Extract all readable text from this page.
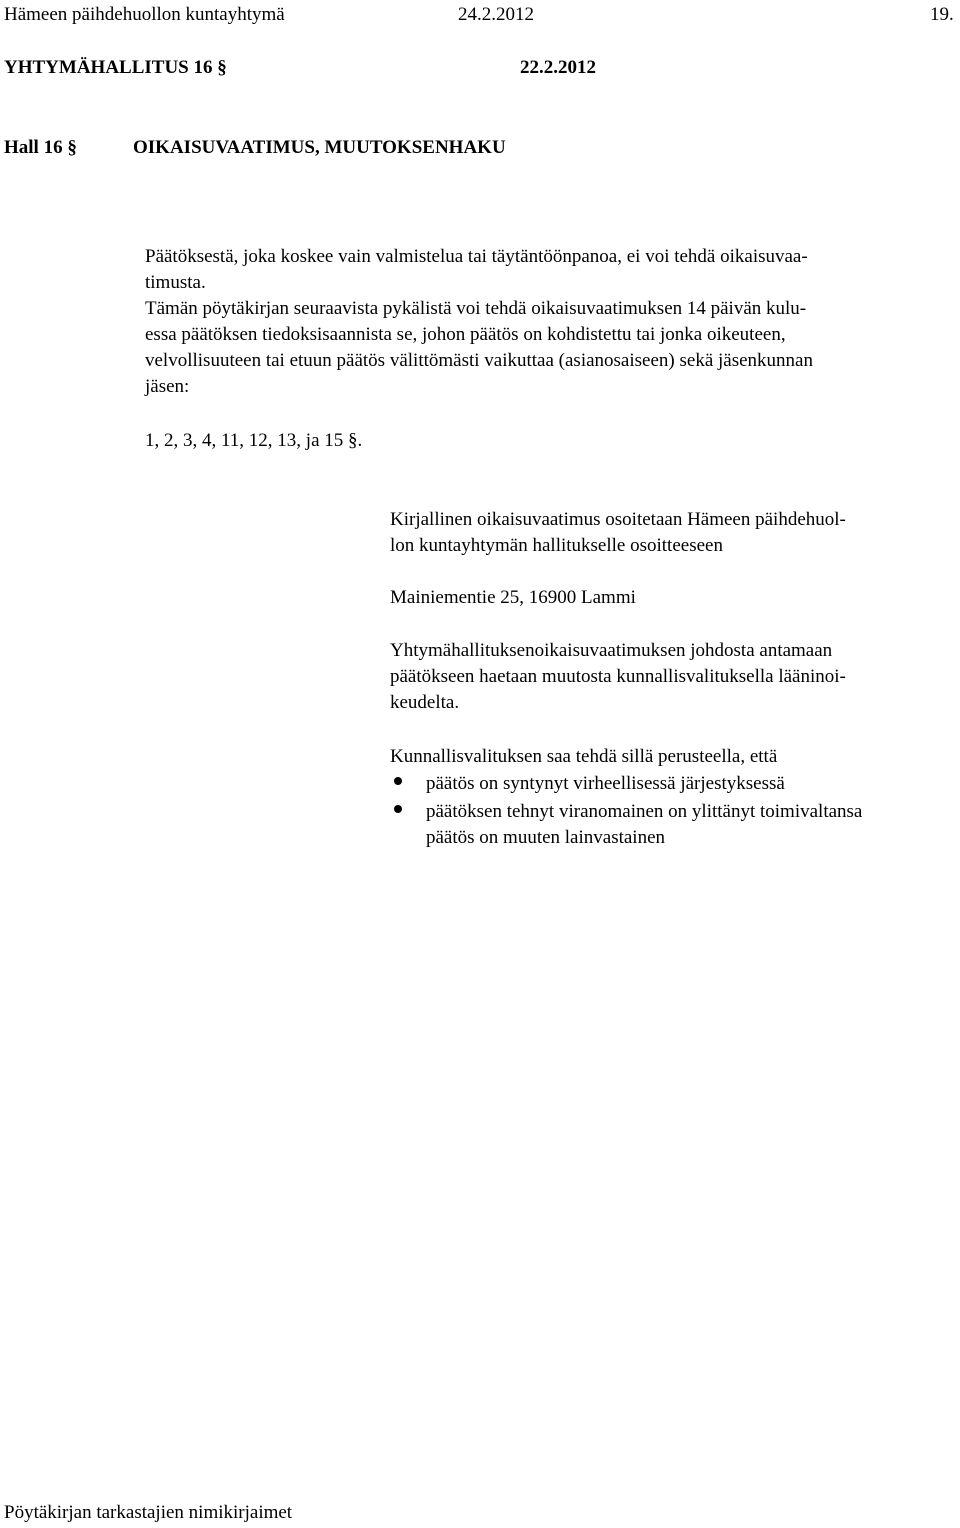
Hämeen päihdehuollon kuntayhtymä	24.2.2012	19.
YHTYMÄHALLITUS 16 §	22.2.2012
Hall 16 §	OIKAISUVAATIMUS, MUUTOKSENHAKU
Päätöksestä, joka koskee vain valmistelua tai täytäntöönpanoa, ei voi tehdä oikaisuvaa-
timusta.
Tämän pöytäkirjan seuraavista pykälistä voi tehdä oikaisuvaatimuksen 14 päivän kulu-
essa päätöksen tiedoksisaannista se, johon päätös on kohdistettu tai jonka oikeuteen,
velvollisuuteen tai etuun päätös välittömästi vaikuttaa (asianosaiseen) sekä jäsenkunnan
jäsen:
1, 2, 3, 4, 11, 12, 13, ja 15 §.
Kirjallinen oikaisuvaatimus osoitetaan Hämeen päihdehuol-
lon kuntayhtymän hallitukselle osoitteeseen
Mainiementie 25, 16900 Lammi
Yhtymähallituksenoikaisuvaatimuksen johdosta antamaan
päätökseen haetaan muutosta kunnallisvalituksella lääninoi-
keudelta.
Kunnallisvalituksen saa tehdä sillä perusteella, että
päätös on syntynyt virheellisessä järjestyksessä
päätöksen tehnyt viranomainen on ylittänyt toimivaltansa
päätös on muuten lainvastainen
Pöytäkirjan tarkastajien nimikirjaimet
